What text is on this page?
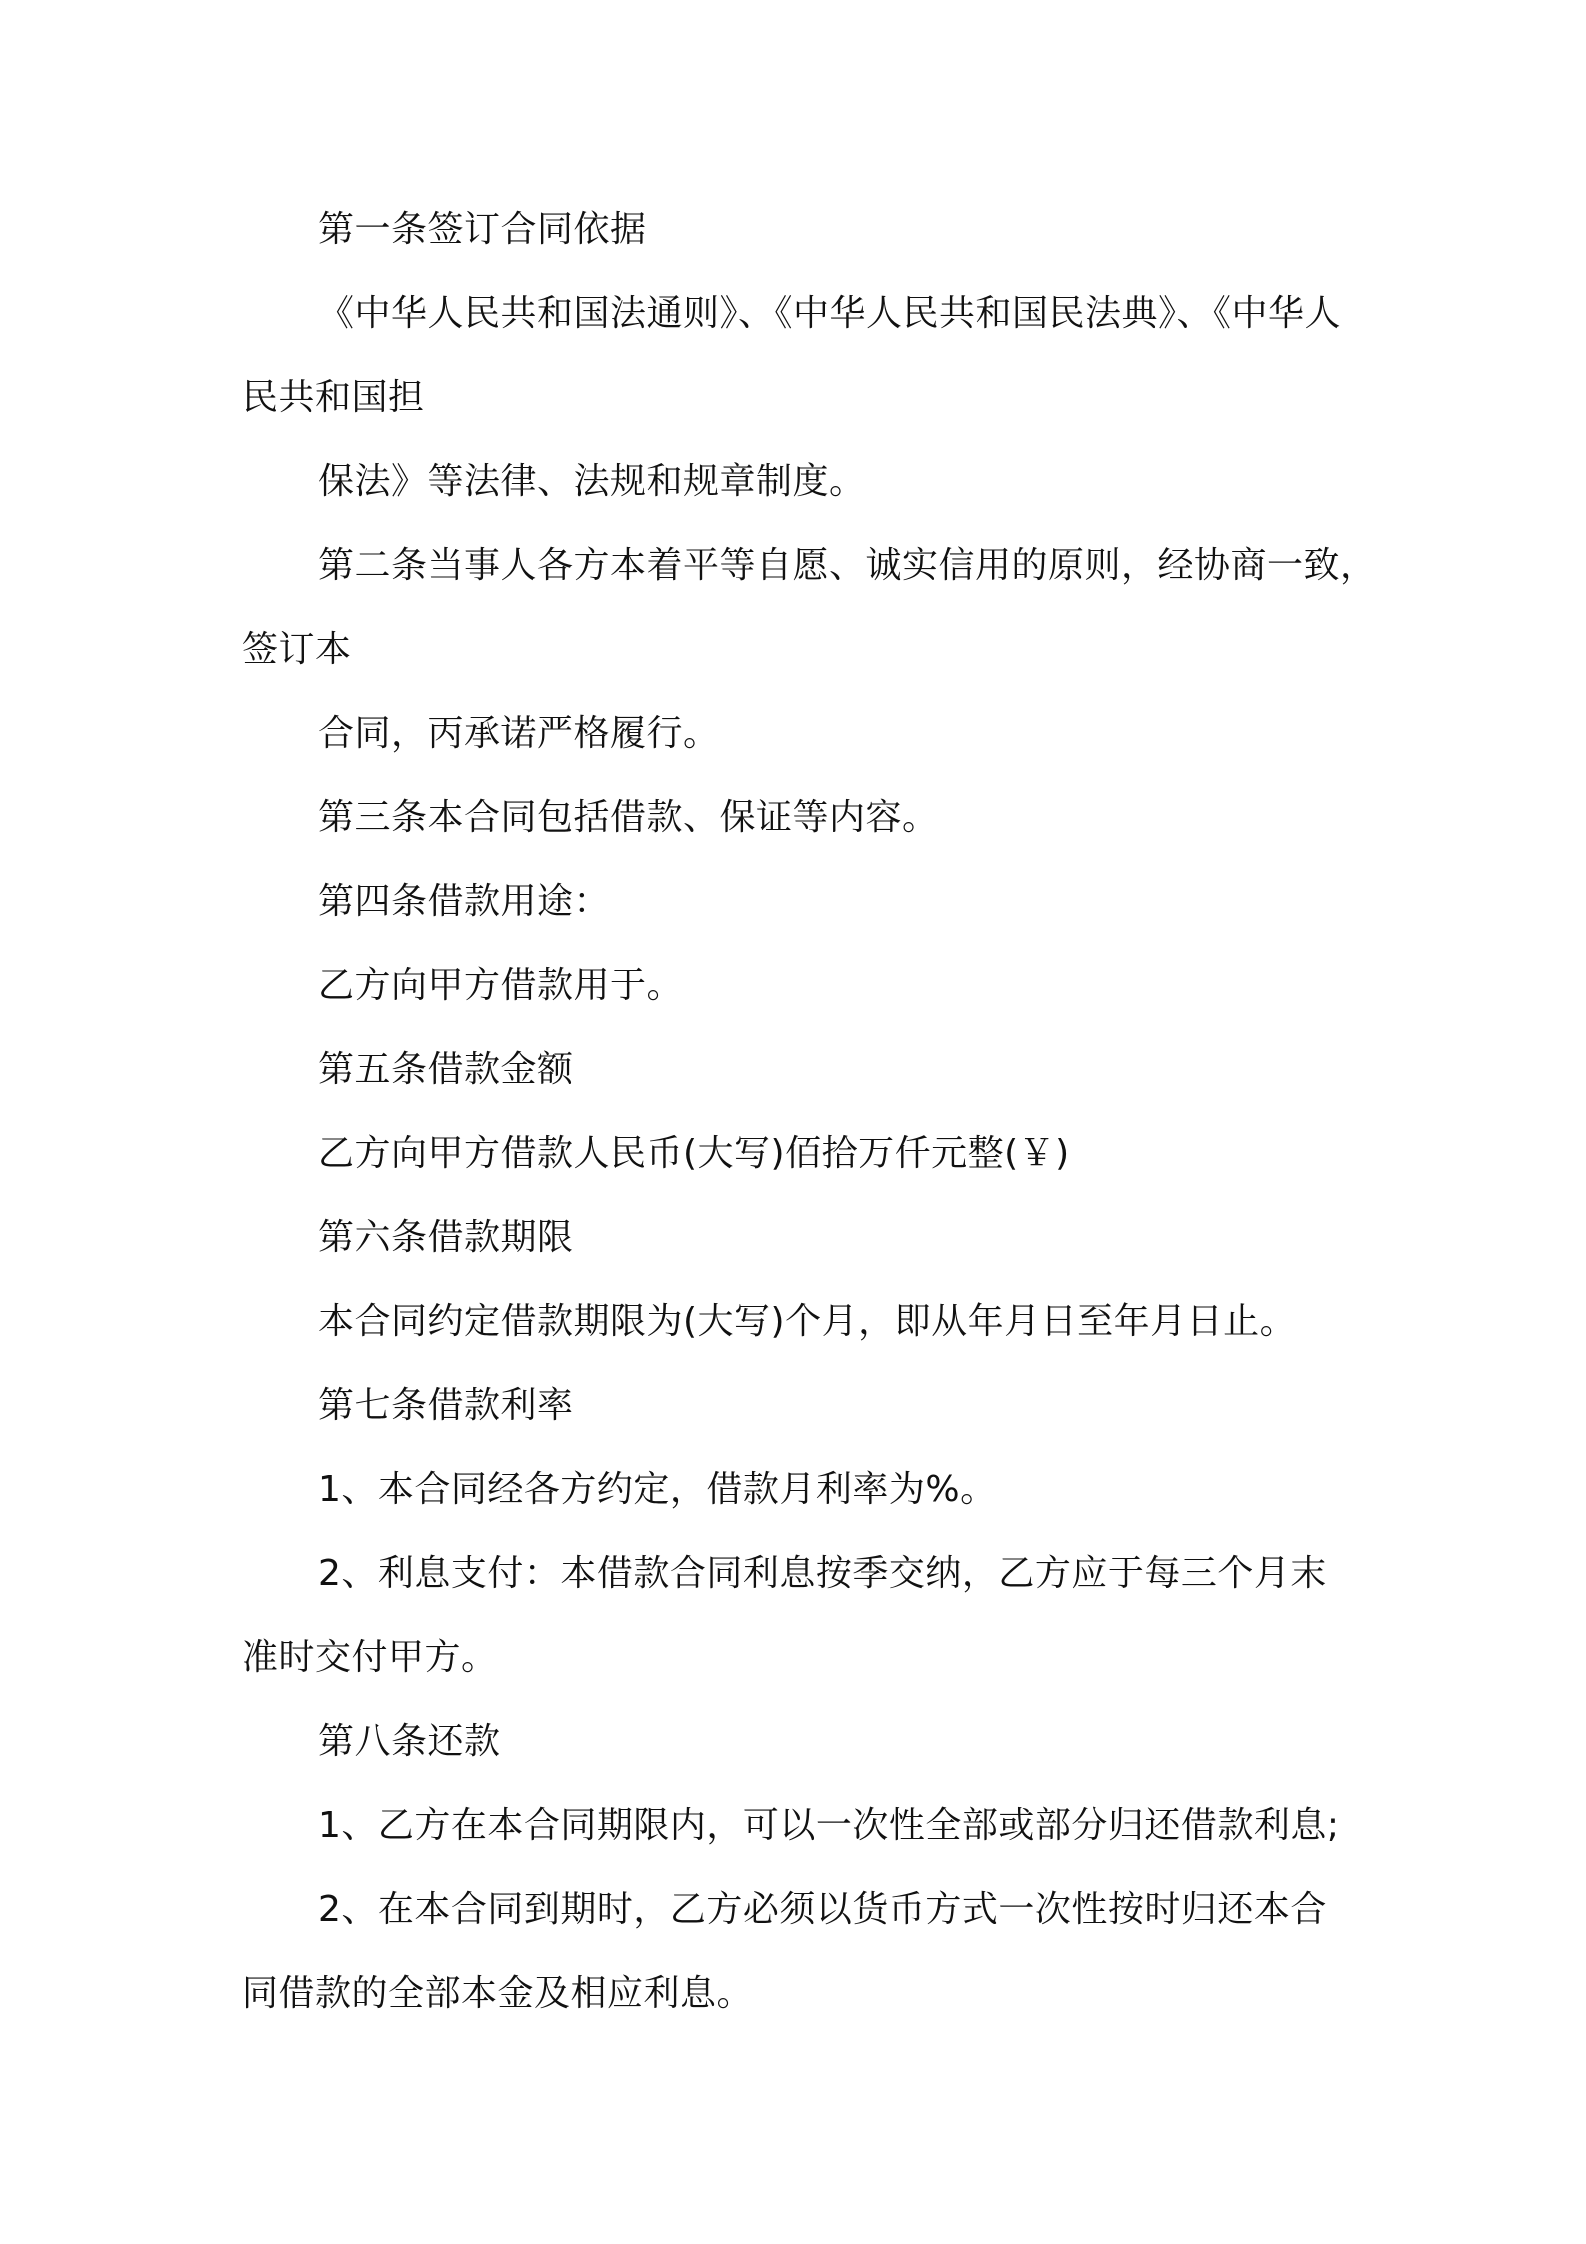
第一条签订合同依据
《中华人民共和国法通则》、《中华人民共和国民法典》、《中华人
民共和国担
保法》等法律、法规和规章制度。
第二条当事人各方本着平等自愿、诚实信用的原则，经协商一致，
签订本
合同，丙承诺严格履行。
第三条本合同包括借款、保证等内容。
第四条借款用途：
乙方向甲方借款用于。
第五条借款金额
乙方向甲方借款人民币(大写)佰拾万仟元整(￥)
第六条借款期限
本合同约定借款期限为(大写)个月，即从年月日至年月日止。
第七条借款利率
1、本合同经各方约定，借款月利率为%。
2、利息支付：本借款合同利息按季交纳，乙方应于每三个月末
准时交付甲方。
第八条还款
1、乙方在本合同期限内，可以一次性全部或部分归还借款利息;
2、在本合同到期时，乙方必须以货币方式一次性按时归还本合
同借款的全部本金及相应利息。
